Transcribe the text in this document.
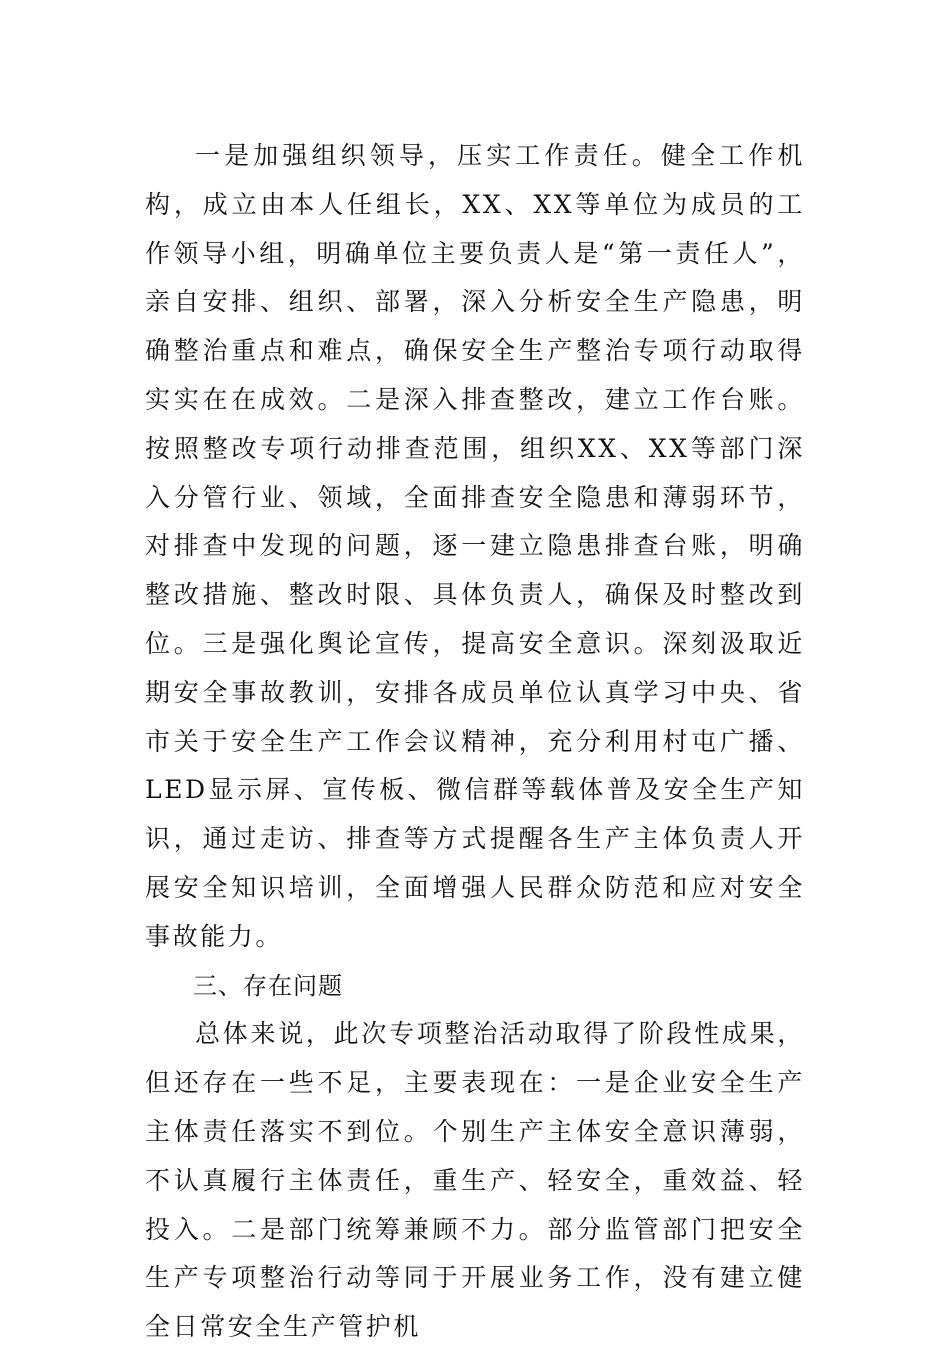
一是加强组织领导，压实工作责任。健全工作机构，成立由本人任组长，XX、XX等单位为成员的工作领导小组，明确单位主要负责人是“第一责任人”，亲自安排、组织、部署，深入分析安全生产隐患，明确整治重点和难点，确保安全生产整治专项行动取得实实在在成效。二是深入排查整改，建立工作台账。按照整改专项行动排查范围，组织XX、XX等部门深入分管行业、领域，全面排查安全隐患和薄弱环节，对排查中发现的问题，逐一建立隐患排查台账，明确整改措施、整改时限、具体负责人，确保及时整改到位。三是强化舆论宣传，提高安全意识。深刻汲取近期安全事故教训，安排各成员单位认真学习中央、省市关于安全生产工作会议精神，充分利用村屯广播、LED显示屏、宣传板、微信群等载体普及安全生产知识，通过走访、排查等方式提醒各生产主体负责人开展安全知识培训，全面增强人民群众防范和应对安全事故能力。

三、存在问题

总体来说，此次专项整治活动取得了阶段性成果，但还存在一些不足，主要表现在：一是企业安全生产主体责任落实不到位。个别生产主体安全意识薄弱，不认真履行主体责任，重生产、轻安全，重效益、轻投入。二是部门统筹兼顾不力。部分监管部门把安全生产专项整治行动等同于开展业务工作，没有建立健全日常安全生产管护机
